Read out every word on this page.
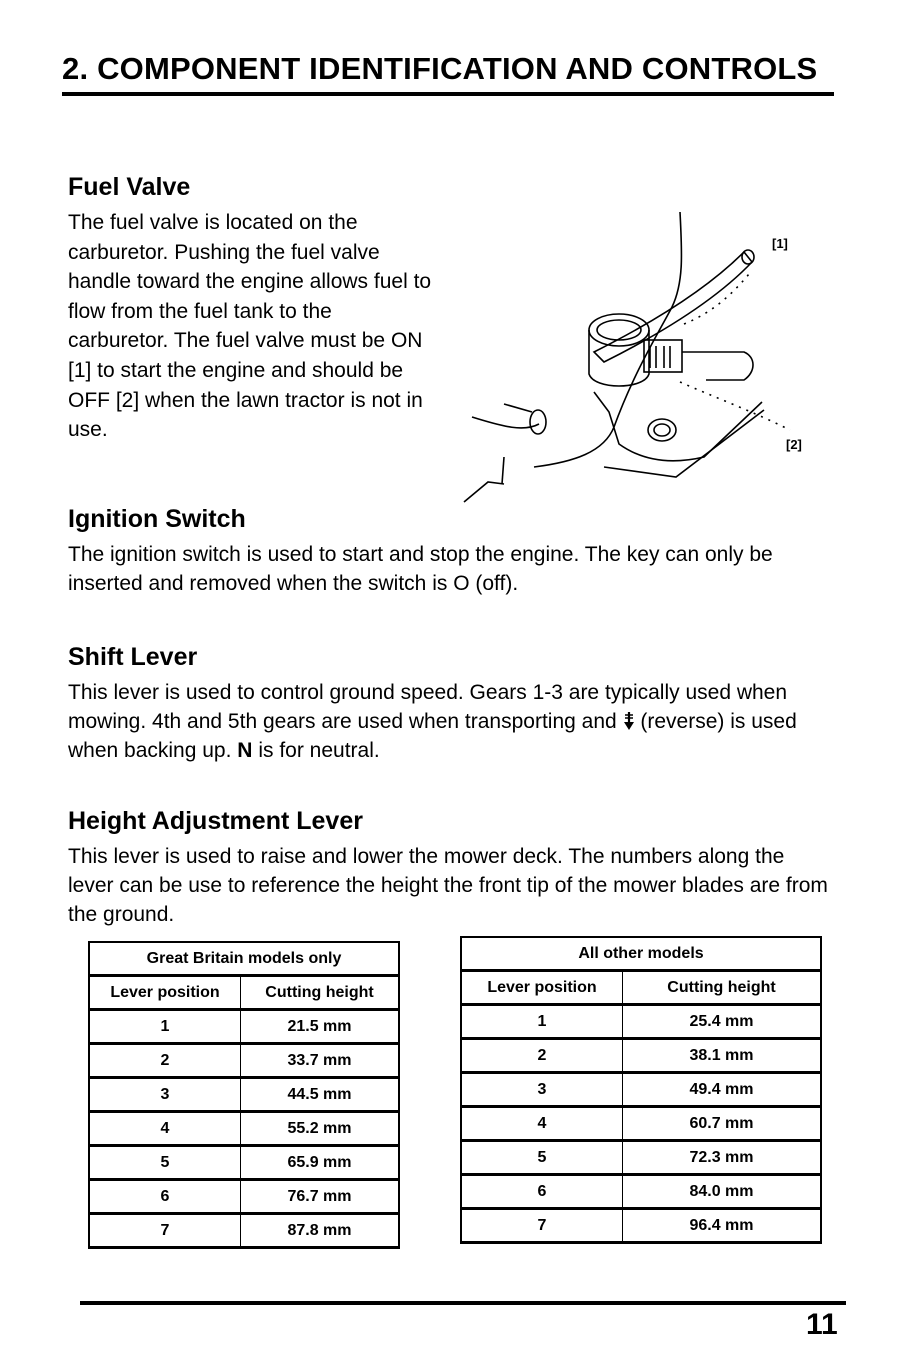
2. COMPONENT IDENTIFICATION AND CONTROLS
Fuel Valve

The fuel valve is located on the carburetor. Pushing the fuel valve handle toward the engine allows fuel to flow from the fuel tank to the carburetor. The fuel valve must be ON [1] to start the engine and should be OFF [2] when the lawn tractor is not in use.

[1]
[2]
Ignition Switch

The ignition switch is used to start and stop the engine. The key can only be inserted and removed when the switch is O (off).

Shift Lever

This lever is used to control ground speed. Gears 1-3 are typically used when mowing. 4th and 5th gears are used when transporting and (reverse) is used when backing up. N is for neutral.

Height Adjustment Lever

This lever is used to raise and lower the mower deck. The numbers along the lever can be use to reference the height the front tip of the mower blades are from the ground.

Great Britain models only	
Lever position	Cutting height
1	21.5 mm
2	33.7 mm
3	44.5 mm
4	55.2 mm
5	65.9 mm
6	76.7 mm
7	87.8 mm
All other models	
Lever position	Cutting height
1	25.4 mm
2	38.1 mm
3	49.4 mm
4	60.7 mm
5	72.3 mm
6	84.0 mm
7	96.4 mm
11
